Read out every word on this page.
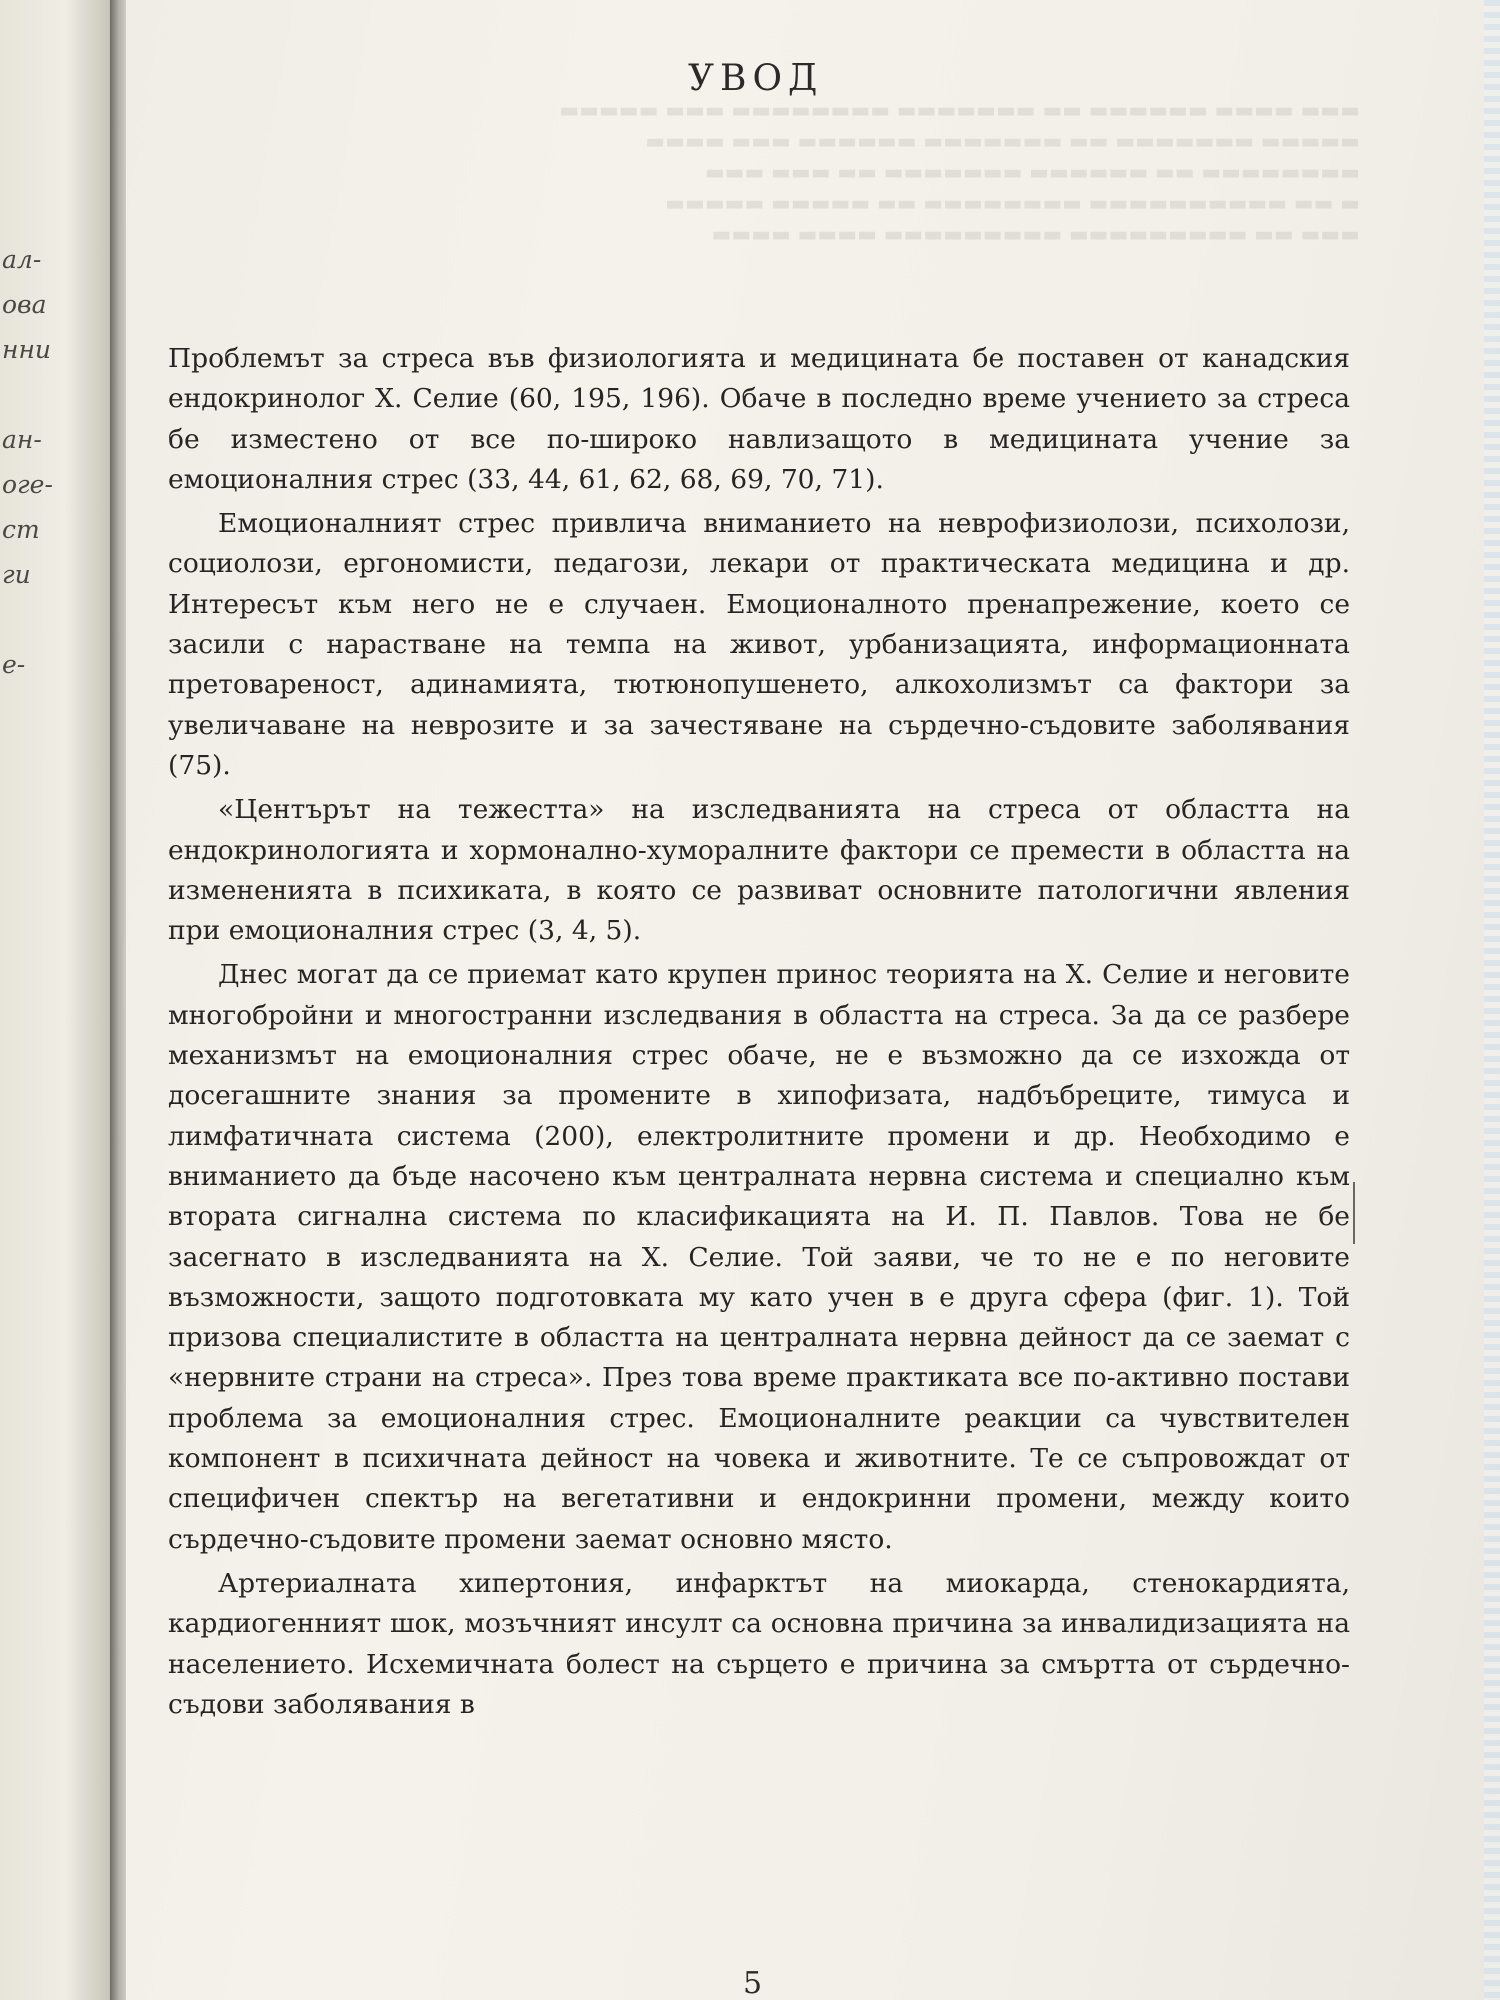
ал-
ова
нни
ан-
оге-
ст
ги
е-
▬▬▬ ▬▬▬▬ ▬▬▬▬▬▬ ▬▬ ▬▬▬▬▬▬▬ ▬▬▬▬▬▬▬▬ ▬▬▬ ▬▬▬▬▬
▬▬▬▬▬ ▬▬▬▬▬▬▬ ▬▬ ▬▬▬▬▬▬▬ ▬▬▬▬▬▬ ▬▬▬ ▬▬▬▬
▬▬▬▬▬▬▬▬ ▬▬ ▬▬▬▬▬▬ ▬▬▬▬▬▬▬ ▬▬ ▬▬▬ ▬▬▬
▬ ▬▬ ▬▬▬▬▬▬▬▬▬▬ ▬▬▬▬▬▬▬▬ ▬▬ ▬▬▬▬▬ ▬▬▬▬▬
▬▬▬ ▬▬ ▬▬▬▬▬▬▬▬▬ ▬▬▬▬▬▬▬▬▬ ▬▬▬▬ ▬▬▬▬
УВОД

Проблемът за стреса във физиологията и медицината бе поставен от канадския ендокринолог Х. Селие (60, 195, 196). Обаче в последно време учението за стреса бе изместено от все по-широко навлизащото в медицината учение за емоционалния стрес (33, 44, 61, 62, 68, 69, 70, 71).

Емоционалният стрес привлича вниманието на неврофизиолози, психолози, социолози, ергономисти, педагози, лекари от практическата медицина и др. Интересът към него не е случаен. Емоционалното пренапрежение, което се засили с нарастване на темпа на живот, урбанизацията, информационната претовареност, адинамията, тютюнопушенето, алкохолизмът са фактори за увеличаване на неврозите и за зачестяване на сърдечно-съдовите заболявания (75).

«Центърът на тежестта» на изследванията на стреса от областта на ендокринологията и хормонално-хуморалните фактори се премести в областта на измененията в психиката, в която се развиват основните патологични явления при емоционалния стрес (3, 4, 5).

Днес могат да се приемат като крупен принос теорията на Х. Селие и неговите многобройни и многостранни изследвания в областта на стреса. За да се разбере механизмът на емоционалния стрес обаче, не е възможно да се изхожда от досегашните знания за промените в хипофизата, надбъбреците, тимуса и лимфатичната система (200), електролитните промени и др. Необходимо е вниманието да бъде насочено към централната нервна система и специално към втората сигнална система по класификацията на И. П. Павлов. Това не бе засегнато в изследванията на Х. Селие. Той заяви, че то не е по неговите възможности, защото подготовката му като учен в е друга сфера (фиг. 1). Той призова специалистите в областта на централната нервна дейност да се заемат с «нервните страни на стреса». През това време практиката все по-активно постави проблема за емоционалния стрес. Емоционалните реакции са чувствителен компонент в психичната дейност на човека и животните. Те се съпровождат от специфичен спектър на вегетативни и ендокринни промени, между които сърдечно-съдовите промени заемат основно място.

Артериалната хипертония, инфарктът на миокарда, стенокардията, кардиогенният шок, мозъчният инсулт са основна причина за инвалидизацията на населението. Исхемичната болест на сърцето е причина за смъртта от сърдечно-съдови заболявания в

5
